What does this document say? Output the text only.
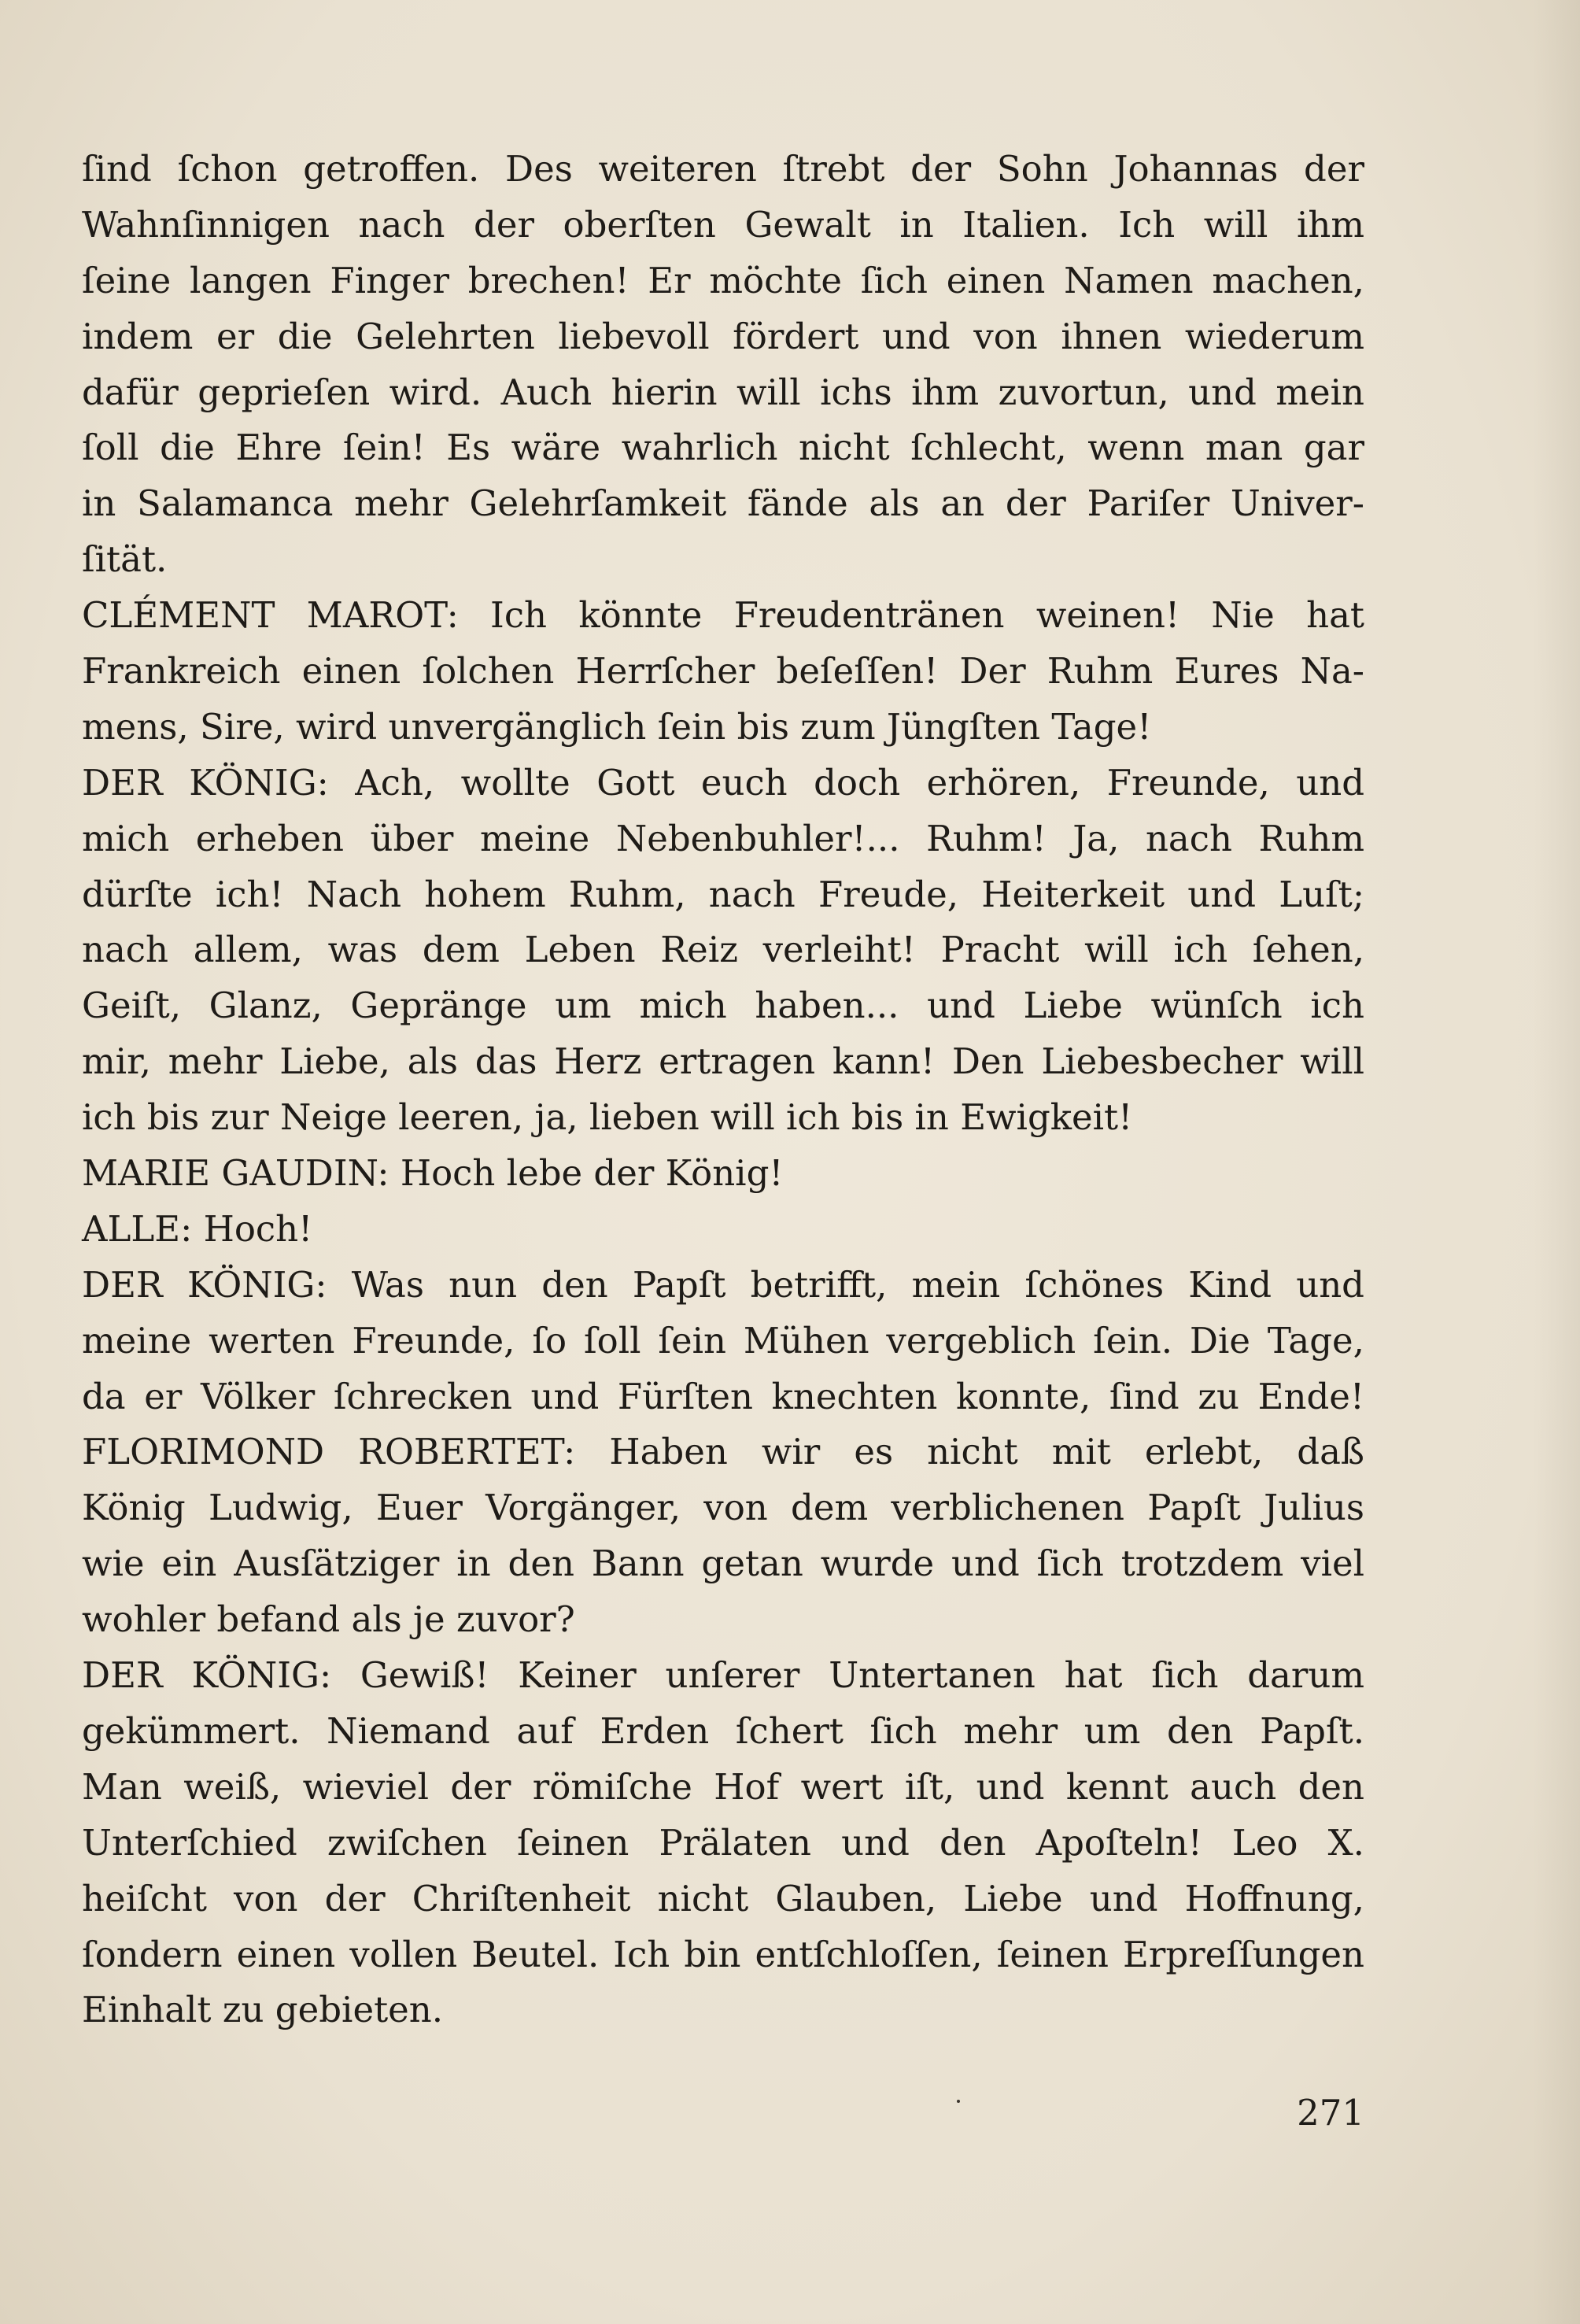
ſind ſchon getroffen. Des weiteren ſtrebt der Sohn Johannas der
Wahnſinnigen nach der oberſten Gewalt in Italien. Ich will ihm
ſeine langen Finger brechen! Er möchte ſich einen Namen machen,
indem er die Gelehrten liebevoll fördert und von ihnen wiederum
dafür geprieſen wird. Auch hierin will ichs ihm zuvortun, und mein
ſoll die Ehre ſein! Es wäre wahrlich nicht ſchlecht, wenn man gar
in Salamanca mehr Gelehrſamkeit fände als an der Pariſer Univer-
ſität.
CLÉMENT MAROT: Ich könnte Freudentränen weinen! Nie hat
Frankreich einen ſolchen Herrſcher beſeſſen! Der Ruhm Eures Na-
mens, Sire, wird unvergänglich ſein bis zum Jüngſten Tage!
DER KÖNIG: Ach, wollte Gott euch doch erhören, Freunde, und
mich erheben über meine Nebenbuhler!... Ruhm! Ja, nach Ruhm
dürſte ich! Nach hohem Ruhm, nach Freude, Heiterkeit und Luſt;
nach allem, was dem Leben Reiz verleiht! Pracht will ich ſehen,
Geiſt, Glanz, Gepränge um mich haben... und Liebe wünſch ich
mir, mehr Liebe, als das Herz ertragen kann! Den Liebesbecher will
ich bis zur Neige leeren, ja, lieben will ich bis in Ewigkeit!
MARIE GAUDIN: Hoch lebe der König!
ALLE: Hoch!
DER KÖNIG: Was nun den Papſt betrifft, mein ſchönes Kind und
meine werten Freunde, ſo ſoll ſein Mühen vergeblich ſein. Die Tage,
da er Völker ſchrecken und Fürſten knechten konnte, ſind zu Ende!
FLORIMOND ROBERTET: Haben wir es nicht mit erlebt, daß
König Ludwig, Euer Vorgänger, von dem verblichenen Papſt Julius
wie ein Ausſätziger in den Bann getan wurde und ſich trotzdem viel
wohler befand als je zuvor?
DER KÖNIG: Gewiß! Keiner unſerer Untertanen hat ſich darum
gekümmert. Niemand auf Erden ſchert ſich mehr um den Papſt.
Man weiß, wieviel der römiſche Hof wert iſt, und kennt auch den
Unterſchied zwiſchen ſeinen Prälaten und den Apoſteln! Leo X.
heiſcht von der Chriſtenheit nicht Glauben, Liebe und Hoffnung,
ſondern einen vollen Beutel. Ich bin entſchloſſen, ſeinen Erpreſſungen
Einhalt zu gebieten.
271
